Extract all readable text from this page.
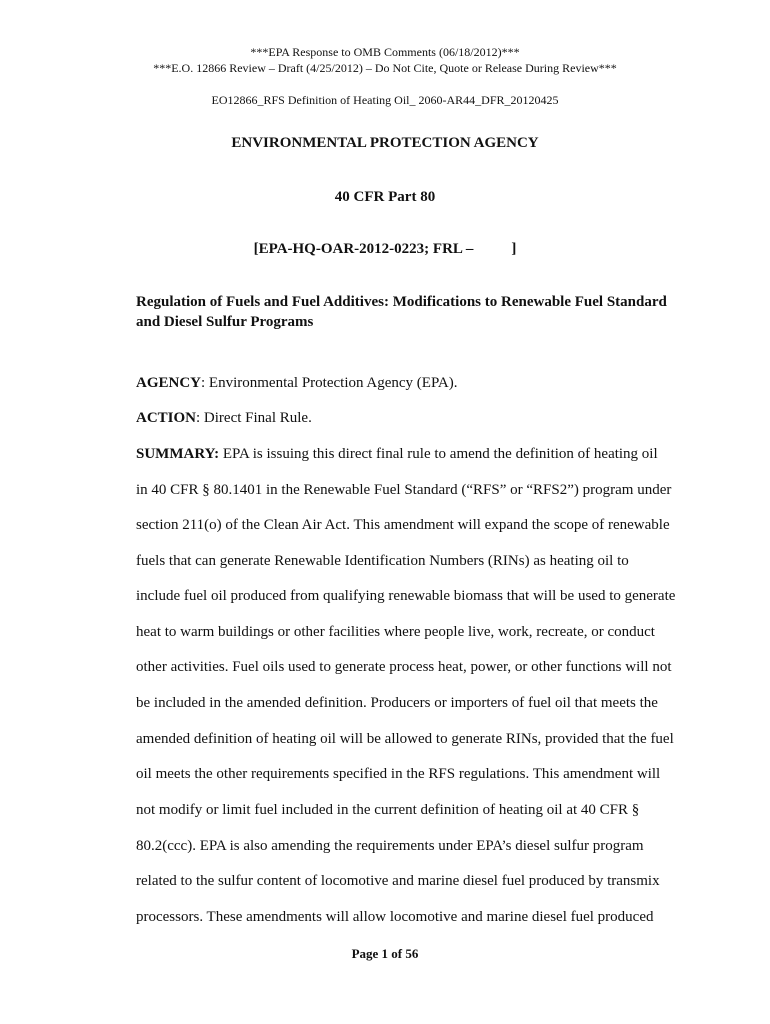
***EPA Response to OMB Comments (06/18/2012)***
***E.O. 12866 Review – Draft (4/25/2012) – Do Not Cite, Quote or Release During Review***
EO12866_RFS Definition of Heating Oil_ 2060-AR44_DFR_20120425
ENVIRONMENTAL PROTECTION AGENCY
40 CFR Part 80
[EPA-HQ-OAR-2012-0223; FRL –	]
Regulation of Fuels and Fuel Additives: Modifications to Renewable Fuel Standard
and Diesel Sulfur Programs
AGENCY: Environmental Protection Agency (EPA).
ACTION: Direct Final Rule.
SUMMARY: EPA is issuing this direct final rule to amend the definition of heating oil
in 40 CFR § 80.1401 in the Renewable Fuel Standard (“RFS” or “RFS2”) program under
section 211(o) of the Clean Air Act. This amendment will expand the scope of renewable
fuels that can generate Renewable Identification Numbers (RINs) as heating oil to
include fuel oil produced from qualifying renewable biomass that will be used to generate
heat to warm buildings or other facilities where people live, work, recreate, or conduct
other activities. Fuel oils used to generate process heat, power, or other functions will not
be included in the amended definition. Producers or importers of fuel oil that meets the
amended definition of heating oil will be allowed to generate RINs, provided that the fuel
oil meets the other requirements specified in the RFS regulations. This amendment will
not modify or limit fuel included in the current definition of heating oil at 40 CFR §
80.2(ccc). EPA is also amending the requirements under EPA’s diesel sulfur program
related to the sulfur content of locomotive and marine diesel fuel produced by transmix
processors. These amendments will allow locomotive and marine diesel fuel produced
Page 1 of 56
